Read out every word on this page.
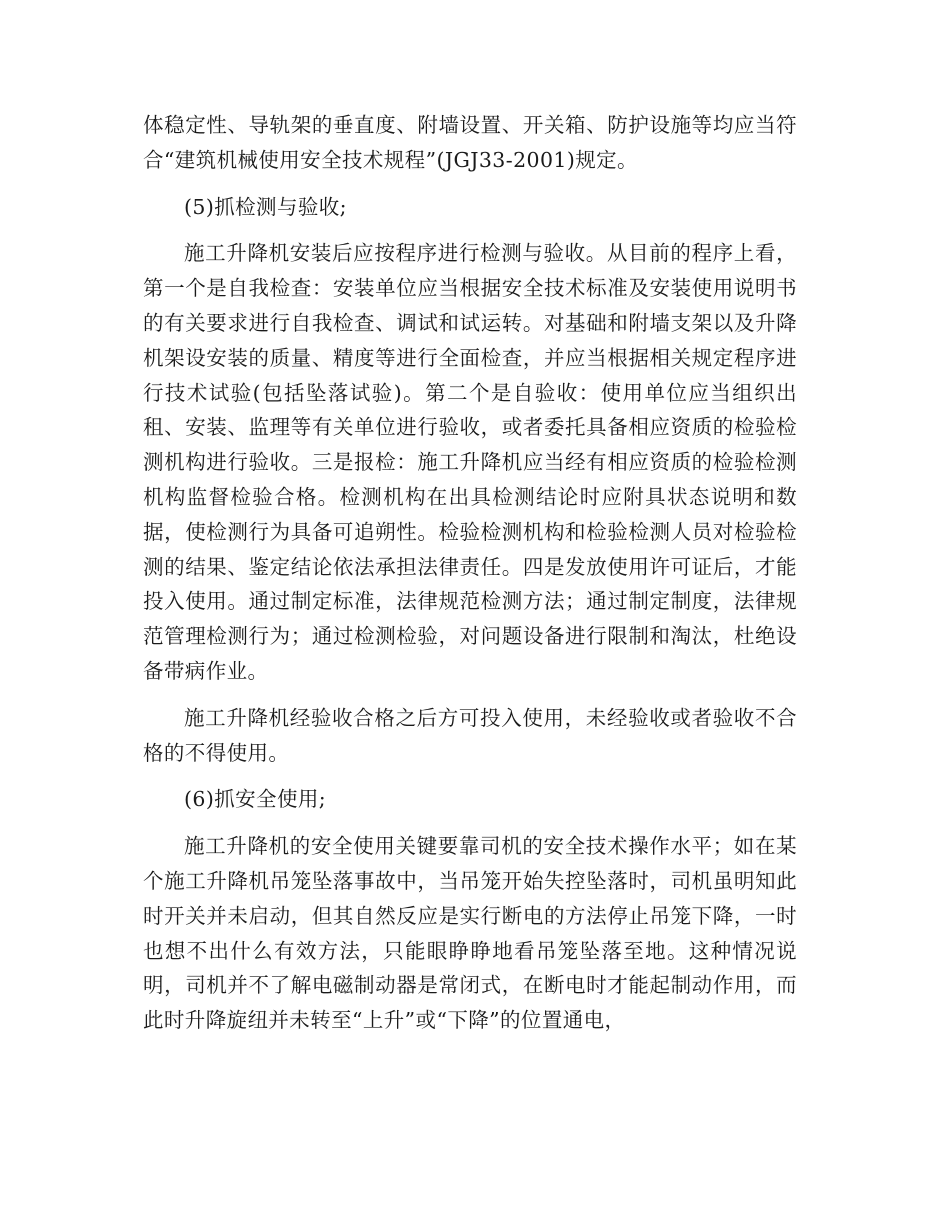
体稳定性、导轨架的垂直度、附墙设置、开关箱、防护设施等均应当符合“建筑机械使用安全技术规程”(JGJ33-2001)规定。

(5)抓检测与验收;

施工升降机安装后应按程序进行检测与验收。从目前的程序上看，第一个是自我检查：安装单位应当根据安全技术标准及安装使用说明书的有关要求进行自我检查、调试和试运转。对基础和附墙支架以及升降机架设安装的质量、精度等进行全面检查，并应当根据相关规定程序进行技术试验(包括坠落试验)。第二个是自验收：使用单位应当组织出租、安装、监理等有关单位进行验收，或者委托具备相应资质的检验检测机构进行验收。三是报检：施工升降机应当经有相应资质的检验检测机构监督检验合格。检测机构在出具检测结论时应附具状态说明和数据，使检测行为具备可追朔性。检验检测机构和检验检测人员对检验检测的结果、鉴定结论依法承担法律责任。四是发放使用许可证后，才能投入使用。通过制定标准，法律规范检测方法；通过制定制度，法律规范管理检测行为；通过检测检验，对问题设备进行限制和淘汰，杜绝设备带病作业。

施工升降机经验收合格之后方可投入使用，未经验收或者验收不合格的不得使用。

(6)抓安全使用;

施工升降机的安全使用关键要靠司机的安全技术操作水平；如在某个施工升降机吊笼坠落事故中，当吊笼开始失控坠落时，司机虽明知此时开关并未启动，但其自然反应是实行断电的方法停止吊笼下降，一时也想不出什么有效方法，只能眼睁睁地看吊笼坠落至地。这种情况说明，司机并不了解电磁制动器是常闭式，在断电时才能起制动作用，而此时升降旋纽并未转至“上升”或“下降”的位置通电，
